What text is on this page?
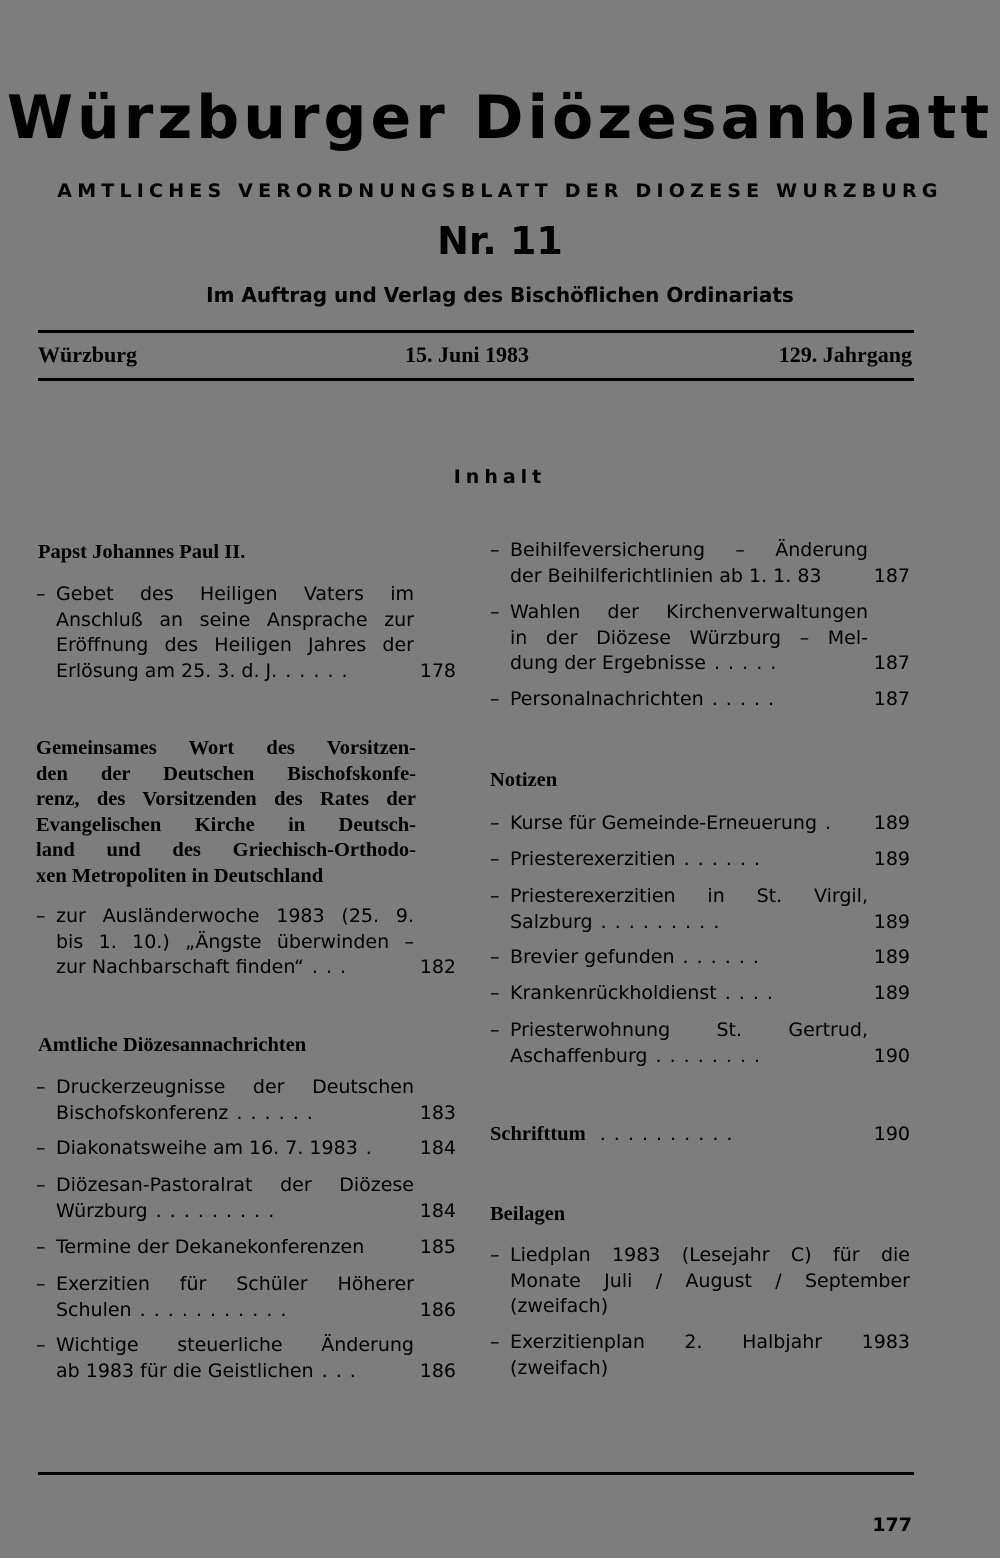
Würzburger Diözesanblatt
AMTLICHES VERORDNUNGSBLATT DER DIOZESE WURZBURG
Nr. 11
Im Auftrag und Verlag des Bischöflichen Ordinariats
Würzburg	15. Juni 1983	129. Jahrgang
Inhalt
Papst Johannes Paul II.
– Gebet des Heiligen Vaters im
Anschluß an seine Ansprache zur
Eröffnung des Heiligen Jahres der
Erlösung am 25. 3. d. J. . . . . .	178
Gemeinsames Wort des Vorsitzen-
den der Deutschen Bischofskonfe-
renz, des Vorsitzenden des Rates der
Evangelischen Kirche in Deutsch-
land und des Griechisch-Orthodo-
xen Metropoliten in Deutschland
– zur Ausländerwoche 1983 (25. 9.
bis 1. 10.) „Ängste überwinden –
zur Nachbarschaft finden“ . . .	182
Amtliche Diözesannachrichten
– Druckerzeugnisse der Deutschen
Bischofskonferenz . . . . . .	183
– Diakonatsweihe am 16. 7. 1983 .	184
– Diözesan-Pastoralrat der Diözese
Würzburg . . . . . . . . .	184
– Termine der Dekanekonferenzen	185
– Exerzitien für Schüler Höherer
Schulen . . . . . . . . . . .	186
– Wichtige steuerliche Änderung
ab 1983 für die Geistlichen . . .	186
– Beihilfeversicherung – Änderung
der Beihilferichtlinien ab 1. 1. 83	187
– Wahlen der Kirchenverwaltungen
in der Diözese Würzburg – Mel-
dung der Ergebnisse . . . . .	187
– Personalnachrichten . . . . .	187
Notizen
– Kurse für Gemeinde-Erneuerung .	189
– Priesterexerzitien . . . . . .	189
– Priesterexerzitien in St. Virgil,
Salzburg . . . . . . . . .	189
– Brevier gefunden . . . . . .	189
– Krankenrückholdienst . . . .	189
– Priesterwohnung St. Gertrud,
Aschaffenburg . . . . . . . .	190
Schrifttum . . . . . . . . . .	190
Beilagen
– Liedplan 1983 (Lesejahr C) für die
Monate Juli / August / September
(zweifach)
– Exerzitienplan 2. Halbjahr 1983
(zweifach)
177
